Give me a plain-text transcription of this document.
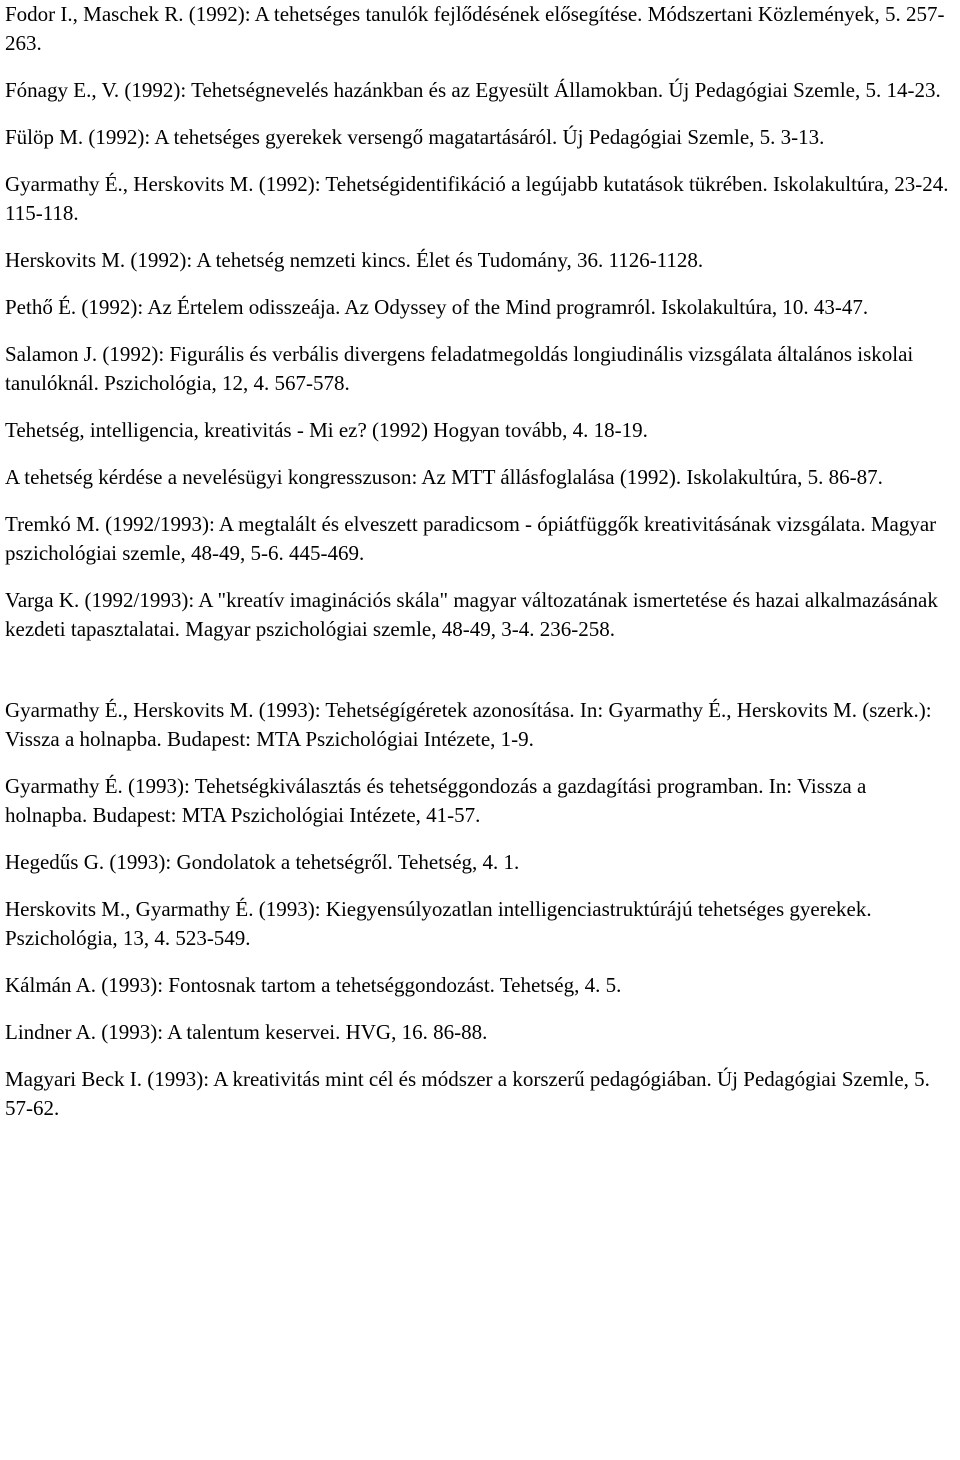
Fodor I., Maschek R. (1992): A tehetséges tanulók fejlődésének elősegítése. Módszertani Közlemények, 5. 257-263.

Fónagy E., V. (1992): Tehetségnevelés hazánkban és az Egyesült Államokban. Új Pedagógiai Szemle, 5. 14-23.

Fülöp M. (1992): A tehetséges gyerekek versengő magatartásáról. Új Pedagógiai Szemle, 5. 3-13.

Gyarmathy É., Herskovits M. (1992): Tehetségidentifikáció a legújabb kutatások tükrében. Iskolakultúra, 23-24. 115-118.

Herskovits M. (1992): A tehetség nemzeti kincs. Élet és Tudomány, 36. 1126-1128.

Pethő É. (1992): Az Értelem odisszeája. Az Odyssey of the Mind programról. Iskolakultúra, 10. 43-47.

Salamon J. (1992): Figurális és verbális divergens feladatmegoldás longiudinális vizsgálata általános iskolai tanulóknál. Pszichológia, 12, 4. 567-578.

Tehetség, intelligencia, kreativitás - Mi ez? (1992) Hogyan tovább, 4. 18-19.

A tehetség kérdése a nevelésügyi kongresszuson: Az MTT állásfoglalása (1992). Iskolakultúra, 5. 86-87.

Tremkó M. (1992/1993): A megtalált és elveszett paradicsom - ópiátfüggők kreativitásának vizsgálata. Magyar pszichológiai szemle, 48-49, 5-6. 445-469.

Varga K. (1992/1993): A "kreatív imaginációs skála" magyar változatának ismertetése és hazai alkalmazásának kezdeti tapasztalatai. Magyar pszichológiai szemle, 48-49, 3-4. 236-258.

Gyarmathy É., Herskovits M. (1993): Tehetségígéretek azonosítása. In: Gyarmathy É., Herskovits M. (szerk.): Vissza a holnapba. Budapest: MTA Pszichológiai Intézete, 1-9.

Gyarmathy É. (1993): Tehetségkiválasztás és tehetséggondozás a gazdagítási programban. In: Vissza a holnapba. Budapest: MTA Pszichológiai Intézete, 41-57.

Hegedűs G. (1993): Gondolatok a tehetségről. Tehetség, 4. 1.

Herskovits M., Gyarmathy É. (1993): Kiegyensúlyozatlan intelligenciastruktúrájú tehetséges gyerekek. Pszichológia, 13, 4. 523-549.

Kálmán A. (1993): Fontosnak tartom a tehetséggondozást. Tehetség, 4. 5.

Lindner A. (1993): A talentum keservei. HVG, 16. 86-88.

Magyari Beck I. (1993): A kreativitás mint cél és módszer a korszerű pedagógiában. Új Pedagógiai Szemle, 5. 57-62.
